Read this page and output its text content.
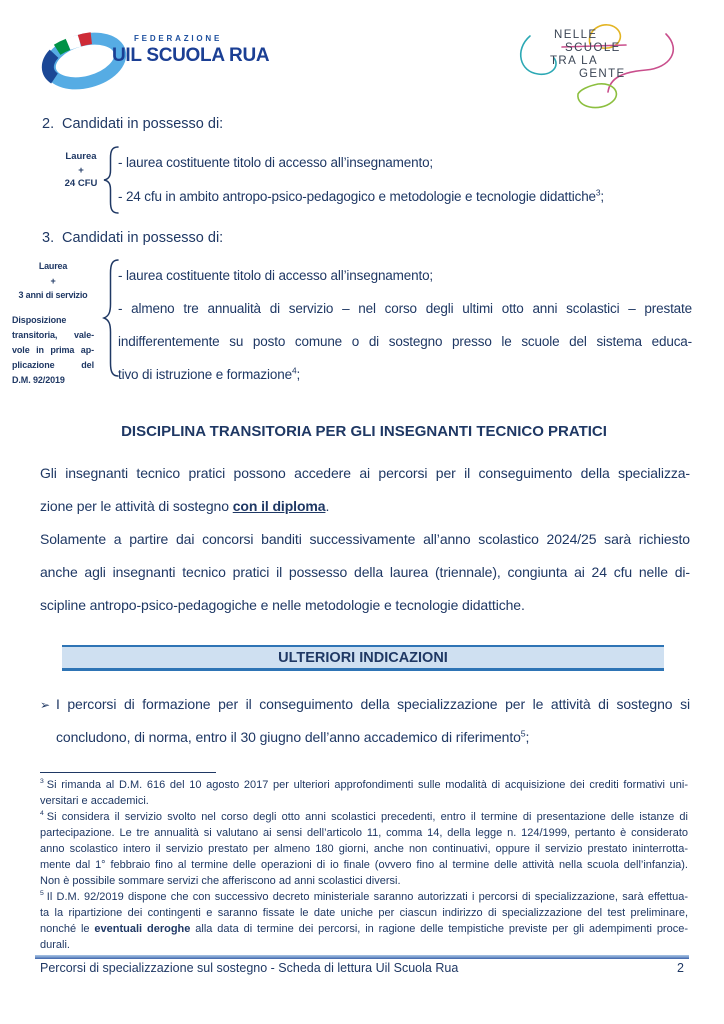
FEDERAZIONE
UIL SCUOLA RUA
NELLE
SCUOLE
TRA LA
GENTE
2. Candidati in possesso di:
Laurea
+
24 CFU
- laurea costituente titolo di accesso all’insegnamento;
- 24 cfu in ambito antropo-psico-pedagogico e metodologie e tecnologie didattiche$^3$;
3. Candidati in possesso di:
Laurea
+
3 anni di servizio
Disposizione
transitoria, vale-
vole in prima ap-
plicazione del
D.M. 92/2019
- laurea costituente titolo di accesso all’insegnamento;
- almeno tre annualità di servizio – nel corso degli ultimi otto anni scolastici – prestate
indifferentemente su posto comune o di sostegno presso le scuole del sistema educa-
tivo di istruzione e formazione$^4$;
DISCIPLINA TRANSITORIA PER GLI INSEGNANTI TECNICO PRATICI
Gli insegnanti tecnico pratici possono accedere ai percorsi per il conseguimento della specializza-
zione per le attività di sostegno con il diploma.
Solamente a partire dai concorsi banditi successivamente all’anno scolastico 2024/25 sarà richiesto
anche agli insegnanti tecnico pratici il possesso della laurea (triennale), congiunta ai 24 cfu nelle di-
scipline antropo-psico-pedagogiche e nelle metodologie e tecnologie didattiche.
ULTERIORI INDICAZIONI
➢ I percorsi di formazione per il conseguimento della specializzazione per le attività di sostegno si
concludono, di norma, entro il 30 giugno dell’anno accademico di riferimento$^5$;
$^3$ Si rimanda al D.M. 616 del 10 agosto 2017 per ulteriori approfondimenti sulle modalità di acquisizione dei crediti formativi uni-
versitari e accademici.
$^4$ Si considera il servizio svolto nel corso degli otto anni scolastici precedenti, entro il termine di presentazione delle istanze di
partecipazione. Le tre annualità si valutano ai sensi dell’articolo 11, comma 14, della legge n. 124/1999, pertanto è considerato
anno scolastico intero il servizio prestato per almeno 180 giorni, anche non continuativi, oppure il servizio prestato ininterrotta-
mente dal 1° febbraio fino al termine delle operazioni di io finale (ovvero fino al termine delle attività nella scuola dell’infanzia).
Non è possibile sommare servizi che afferiscono ad anni scolastici diversi.
$^5$ Il D.M. 92/2019 dispone che con successivo decreto ministeriale saranno autorizzati i percorsi di specializzazione, sarà effettua-
ta la ripartizione dei contingenti e saranno fissate le date uniche per ciascun indirizzo di specializzazione del test preliminare,
nonché le eventuali deroghe alla data di termine dei percorsi, in ragione delle tempistiche previste per gli adempimenti proce-
durali.
Percorsi di specializzazione sul sostegno - Scheda di lettura Uil Scuola Rua	2
